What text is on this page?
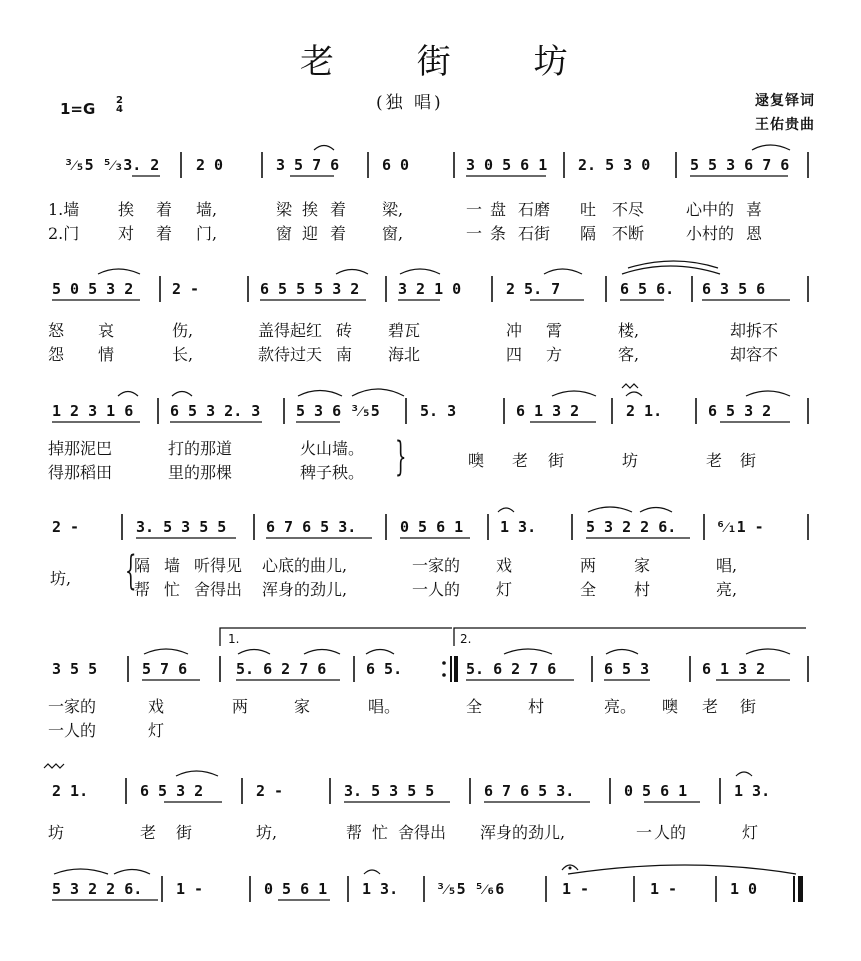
老 街 坊
(独 唱)	逯复铎词
王佑贵曲
1=G 2
4
³⁄₅5 ⁵⁄₃3. 2 2 0	3 5 7 6	6 0	3 0 5 6 1 2. 5 3 0	5 5 3 6 7 6
1.墙 挨 着 墙,	梁 挨 着 梁,	一 盘 石磨 吐 不尽	心中的 喜
2.门 对 着 门,	窗 迎 着 窗,	一 条 石街 隔 不断	小村的 恩
5 0 5 3 2	2 -	6 5 5 5 3 2	3 2 1 0	2 5. 7	6 5 6. 6 3 5 6
怒 哀	伤,	盖得起红 砖 碧瓦	冲 霄	楼,	却拆不
怨 情	长,	款待过天 南 海北	四 方	客,	却容不
1 2 3 1 6 6 5 3 2. 3 5 3 6 ³⁄₅5	5. 3	6 1 3 2	2 1.	6 5 3 2
掉那泥巴	打的那道	火山墙。
得那稻田	里的那棵	稗子秧。 }	噢 老 街	坊	老 街
2 -	3. 5 3 5 5	6 7 6 5 3.	0 5 6 1 1 3.	5 3 2 2 6.	⁶⁄₁1 -
坊, {
隔 墙 听得见 心底的曲儿,	一家的 戏	两 家	唱,
帮 忙 舍得出 浑身的劲儿,	一人的 灯	全 村	亮,
1.	2.
3 5 5	5 7 6	5. 6 2 7 6	6 5.	5. 6 2 7 6	6 5 3	6 1 3 2
一家的	戏	两	家	唱。	全	村	亮。 噢 老 街
一人的	灯
2 1.	6 5 3 2	2 -	3. 5 3 5 5	6 7 6 5 3.	0 5 6 1	1 3.
坊	老 街	坊,	帮 忙 舍得出 浑身的劲儿,	一 人的	灯
5 3 2 2 6. 1 -	0 5 6 1 1 3.	³⁄₅5 ⁵⁄₆6	1 -	1 -	1 0
